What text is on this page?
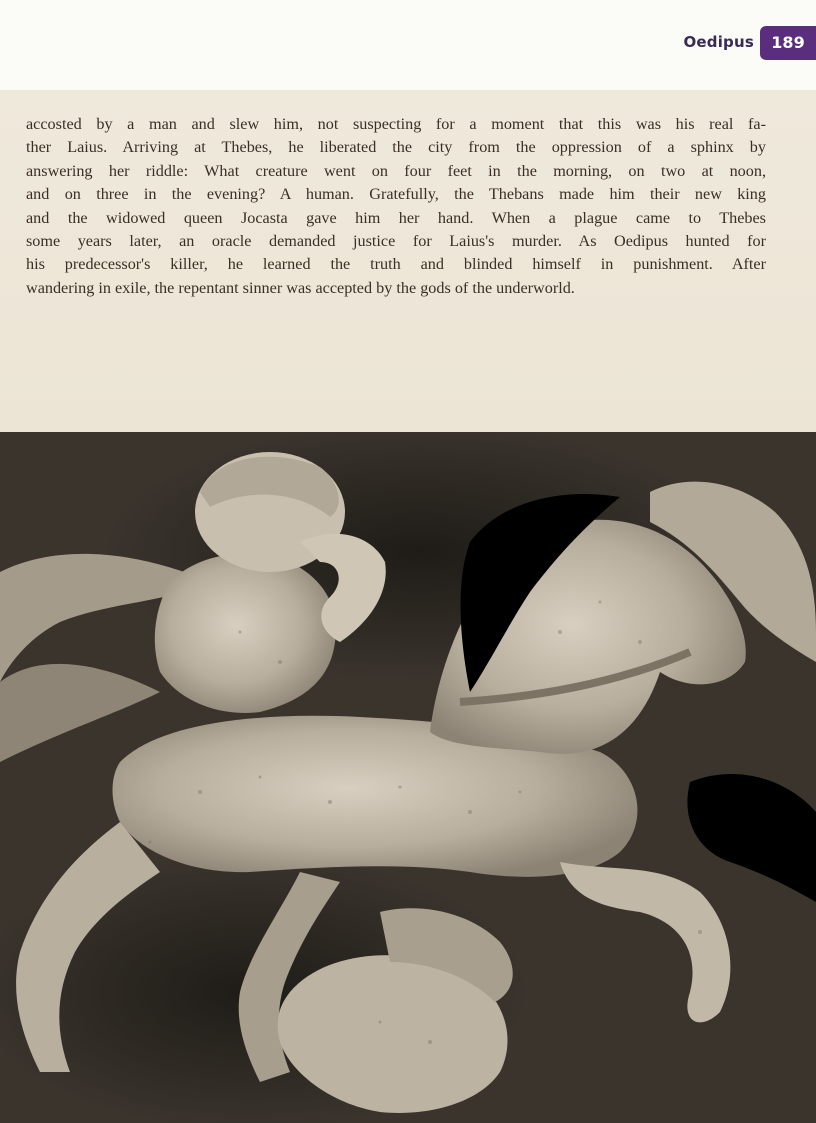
Oedipus	189

accosted by a man and slew him, not suspecting for a moment that this was his real fa-
ther Laius. Arriving at Thebes, he liberated the city from the oppression of a sphinx by
answering her riddle: What creature went on four feet in the morning, on two at noon,
and on three in the evening? A human. Gratefully, the Thebans made him their new king
and the widowed queen Jocasta gave him her hand. When a plague came to Thebes
some years later, an oracle demanded justice for Laius's murder. As Oedipus hunted for
his predecessor's killer, he learned the truth and blinded himself in punishment. After
wandering in exile, the repentant sinner was accepted by the gods of the underworld.
